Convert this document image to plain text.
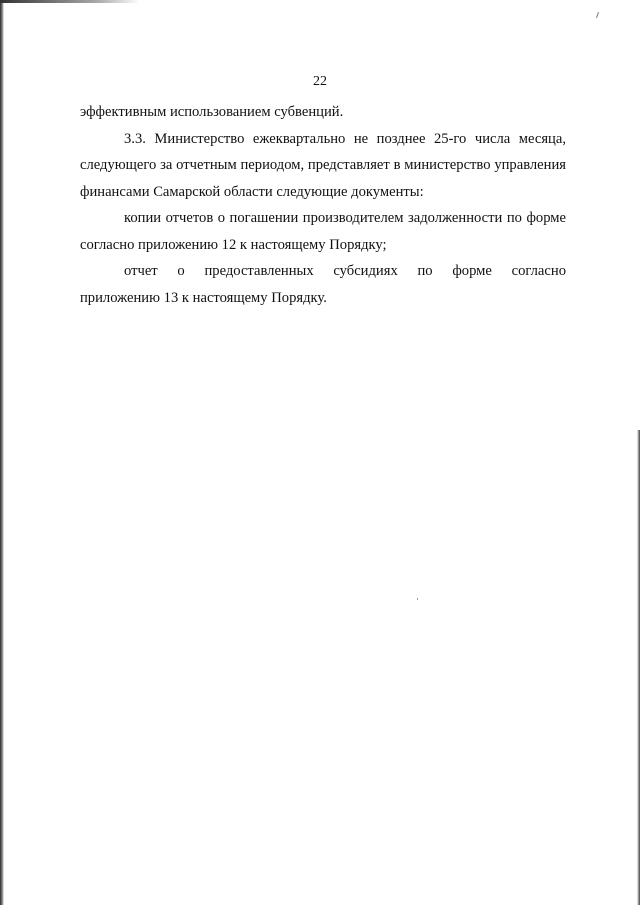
22
эффективным использованием субвенций.
3.3. Министерство ежеквартально не позднее 25-го числа месяца,
следующего за отчетным периодом, представляет в министерство управления
финансами Самарской области следующие документы:
копии отчетов о погашении производителем задолженности по форме
согласно приложению 12 к настоящему Порядку;
отчет о предоставленных субсидиях по форме согласно
приложению 13 к настоящему Порядку.
